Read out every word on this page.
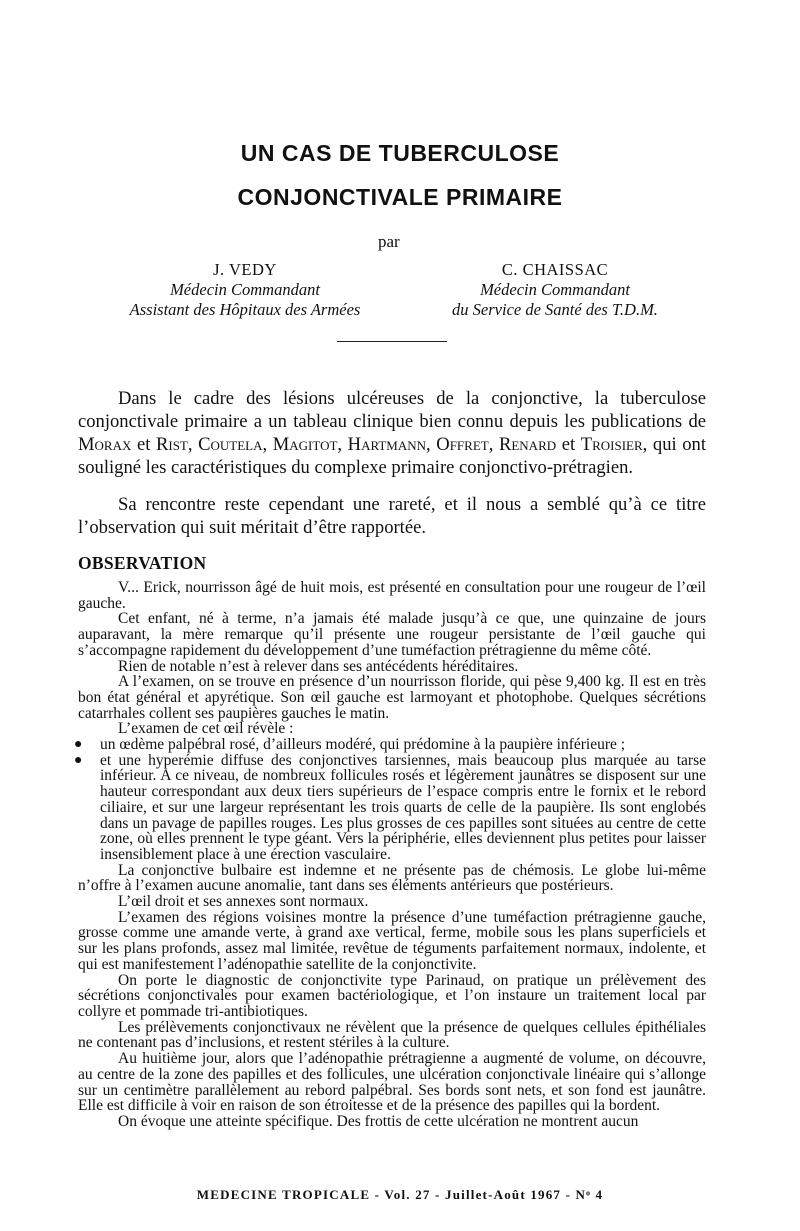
UN CAS DE TUBERCULOSE
CONJONCTIVALE PRIMAIRE
par
J. VEDY
Médecin Commandant
Assistant des Hôpitaux des Armées
C. CHAISSAC
Médecin Commandant
du Service de Santé des T.D.M.

Dans le cadre des lésions ulcéreuses de la conjonctive, la tuberculose conjonctivale primaire a un tableau clinique bien connu depuis les publications de Morax et Rist, Coutela, Magitot, Hartmann, Offret, Renard et Troisier, qui ont souligné les caractéristiques du complexe primaire conjonctivo-prétragien.

Sa rencontre reste cependant une rareté, et il nous a semblé qu’à ce titre l’observation qui suit méritait d’être rapportée.

OBSERVATION

V... Erick, nourrisson âgé de huit mois, est présenté en consultation pour une rougeur de l’œil gauche.

Cet enfant, né à terme, n’a jamais été malade jusqu’à ce que, une quinzaine de jours auparavant, la mère remarque qu’il présente une rougeur persistante de l’œil gauche qui s’accompagne rapidement du développement d’une tuméfaction prétragienne du même côté.

Rien de notable n’est à relever dans ses antécédents héréditaires.

A l’examen, on se trouve en présence d’un nourrisson floride, qui pèse 9,400 kg. Il est en très bon état général et apyrétique. Son œil gauche est larmoyant et photophobe. Quelques sécrétions catarrhales collent ses paupières gauches le matin.

L’examen de cet œil révèle :

●	un œdème palpébral rosé, d’ailleurs modéré, qui prédomine à la paupière inférieure ;

●	et une hyperémie diffuse des conjonctives tarsiennes, mais beaucoup plus marquée au tarse inférieur. A ce niveau, de nombreux follicules rosés et légèrement jaunâtres se disposent sur une hauteur correspondant aux deux tiers supérieurs de l’espace compris entre le fornix et le rebord ciliaire, et sur une largeur représentant les trois quarts de celle de la paupière. Ils sont englobés dans un pavage de papilles rouges. Les plus grosses de ces papilles sont situées au centre de cette zone, où elles prennent le type géant. Vers la périphérie, elles deviennent plus petites pour laisser insensiblement place à une érection vasculaire.

La conjonctive bulbaire est indemne et ne présente pas de chémosis. Le globe lui-même n’offre à l’examen aucune anomalie, tant dans ses éléments antérieurs que postérieurs.

L’œil droit et ses annexes sont normaux.

L’examen des régions voisines montre la présence d’une tuméfaction prétragienne gauche, grosse comme une amande verte, à grand axe vertical, ferme, mobile sous les plans superficiels et sur les plans profonds, assez mal limitée, revêtue de téguments parfaitement normaux, indolente, et qui est manifestement l’adénopathie satellite de la conjonctivite.

On porte le diagnostic de conjonctivite type Parinaud, on pratique un prélèvement des sécrétions conjonctivales pour examen bactériologique, et l’on instaure un traitement local par collyre et pommade tri-antibiotiques.

Les prélèvements conjonctivaux ne révèlent que la présence de quelques cellules épithéliales ne contenant pas d’inclusions, et restent stériles à la culture.

Au huitième jour, alors que l’adénopathie prétragienne a augmenté de volume, on découvre, au centre de la zone des papilles et des follicules, une ulcération conjonctivale linéaire qui s’allonge sur un centimètre parallèlement au rebord palpébral. Ses bords sont nets, et son fond est jaunâtre. Elle est difficile à voir en raison de son étroitesse et de la présence des papilles qui la bordent.

On évoque une atteinte spécifique. Des frottis de cette ulcération ne montrent aucun

MEDECINE TROPICALE - Vol. 27 - Juillet-Août 1967 - Nᵒ 4
